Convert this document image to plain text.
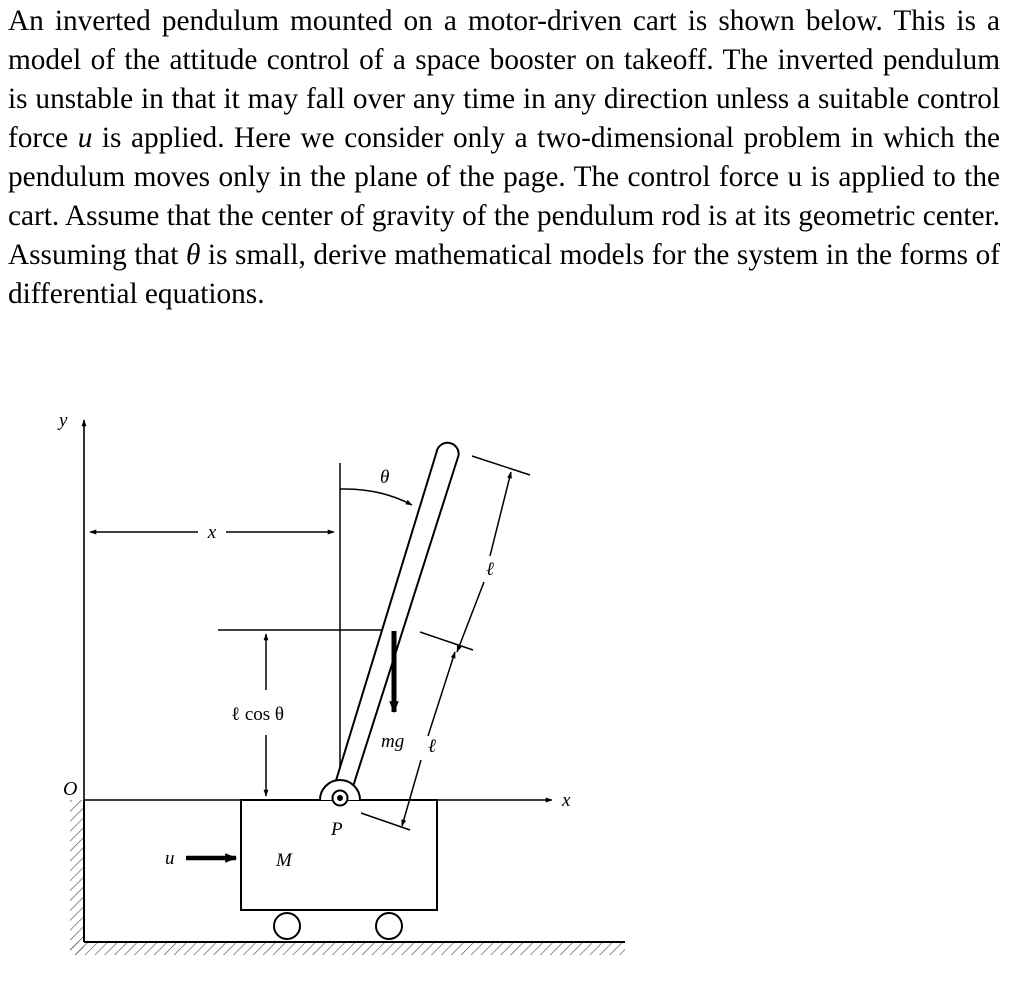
An inverted pendulum mounted on a motor-driven cart is shown below. This is a model of the attitude control of a space booster on takeoff. The inverted pendulum is unstable in that it may fall over any time in any direction unless a suitable control force u is applied. Here we consider only a two-dimensional problem in which the pendulum moves only in the plane of the page. The control force u is applied to the cart. Assume that the center of gravity of the pendulum rod is at its geometric center. Assuming that θ is small, derive mathematical models for the system in the forms of differential equations.
y
x
θ
ℓ
ℓ cos θ
mg ℓ
O
x
P
u	M
